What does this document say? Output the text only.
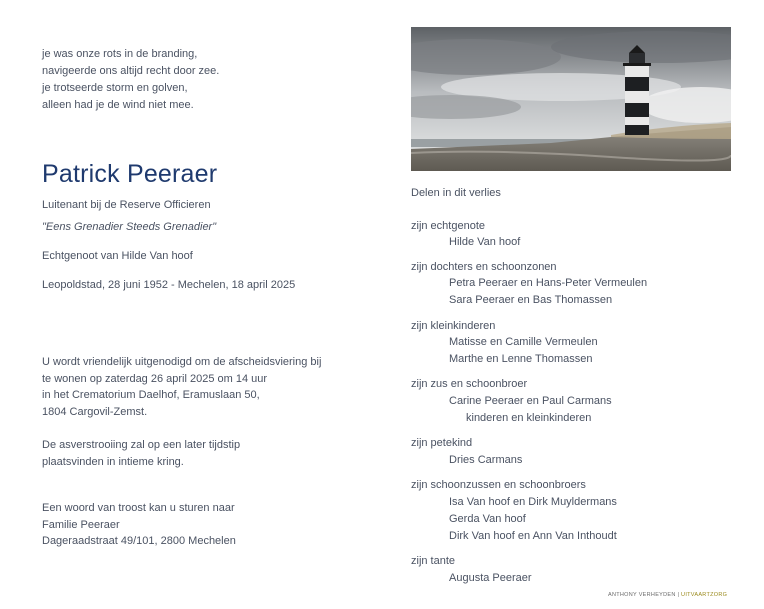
je was onze rots in de branding,
navigeerde ons altijd recht door zee.
je trotseerde storm en golven,
alleen had je de wind niet mee.
Patrick Peeraer
Luitenant bij de Reserve Officieren
"Eens Grenadier Steeds Grenadier"
Echtgenoot van Hilde Van hoof
Leopoldstad, 28 juni 1952 - Mechelen, 18 april 2025
U wordt vriendelijk uitgenodigd om de afscheidsviering bij
te wonen op zaterdag 26 april 2025 om 14 uur
in het Crematorium Daelhof, Eramuslaan 50,
1804 Cargovil-Zemst.
De asverstrooiing zal op een later tijdstip
plaatsvinden in intieme kring.
Een woord van troost kan u sturen naar
Familie Peeraer
Dageraadstraat 49/101, 2800 Mechelen
Delen in dit verlies
zijn echtgenote
Hilde Van hoof
zijn dochters en schoonzonen
Petra Peeraer en Hans-Peter Vermeulen
Sara Peeraer en Bas Thomassen
zijn kleinkinderen
Matisse en Camille Vermeulen
Marthe en Lenne Thomassen
zijn zus en schoonbroer
Carine Peeraer en Paul Carmans
kinderen en kleinkinderen
zijn petekind
Dries Carmans
zijn schoonzussen en schoonbroers
Isa Van hoof en Dirk Muyldermans
Gerda Van hoof
Dirk Van hoof en Ann Van Inthoudt
zijn tante
Augusta Peeraer
ANTHONY VERHEYDEN | UITVAARTZORG
